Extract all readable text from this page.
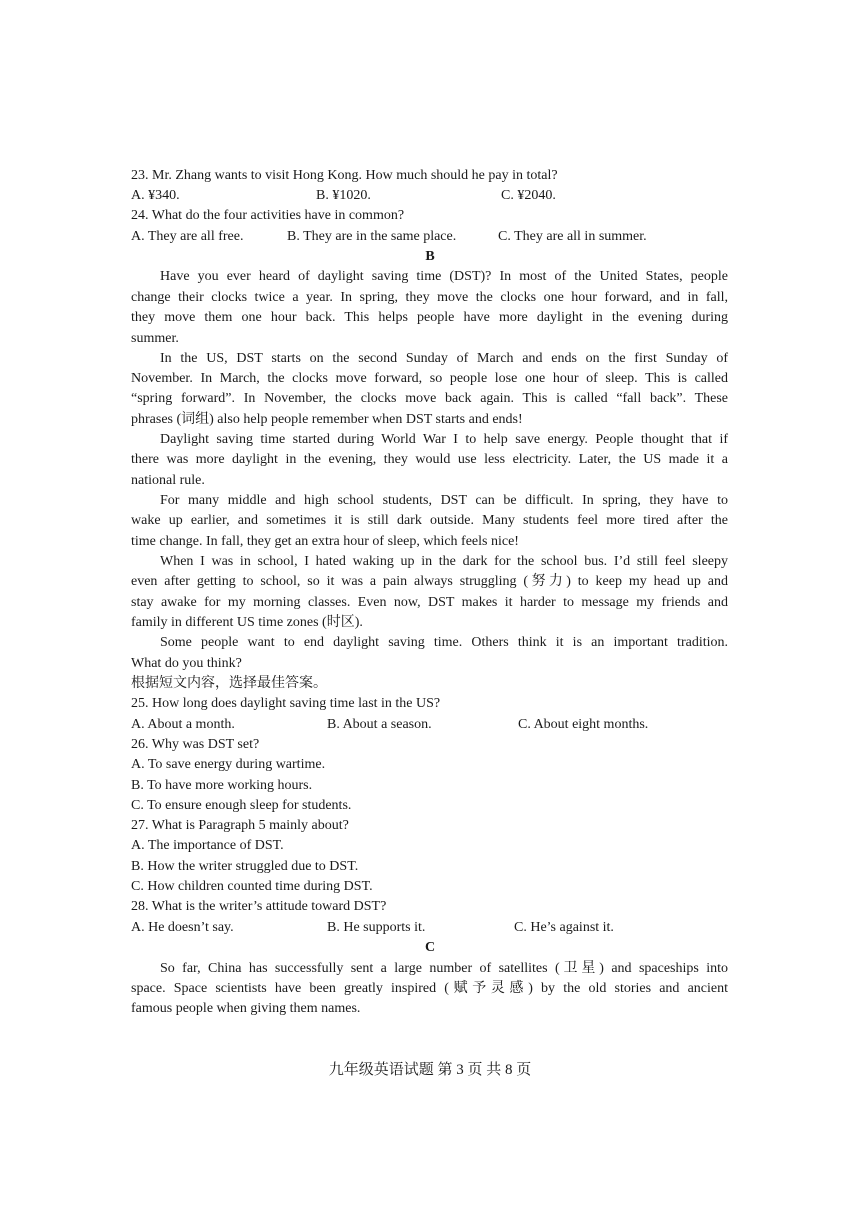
23. Mr. Zhang wants to visit Hong Kong. How much should he pay in total?
A. ¥340.	B. ¥1020.	C. ¥2040.
24. What do the four activities have in common?
A. They are all free.	B. They are in the same place.	C. They are all in summer.
B
Have you ever heard of daylight saving time (DST)? In most of the United States, people
change their clocks twice a year. In spring, they move the clocks one hour forward, and in fall,
they move them one hour back. This helps people have more daylight in the evening during
summer.
In the US, DST starts on the second Sunday of March and ends on the first Sunday of
November. In March, the clocks move forward, so people lose one hour of sleep. This is called
“spring forward”. In November, the clocks move back again. This is called “fall back”. These
phrases (词组) also help people remember when DST starts and ends!
Daylight saving time started during World War I to help save energy. People thought that if
there was more daylight in the evening, they would use less electricity. Later, the US made it a
national rule.
For many middle and high school students, DST can be difficult. In spring, they have to
wake up earlier, and sometimes it is still dark outside. Many students feel more tired after the
time change. In fall, they get an extra hour of sleep, which feels nice!
When I was in school, I hated waking up in the dark for the school bus. I’d still feel sleepy
even after getting to school, so it was a pain always struggling (努力) to keep my head up and
stay awake for my morning classes. Even now, DST makes it harder to message my friends and
family in different US time zones (时区).
Some people want to end daylight saving time. Others think it is an important tradition.
What do you think?
根据短文内容，选择最佳答案。
25. How long does daylight saving time last in the US?
A. About a month.	B. About a season.	C. About eight months.
26. Why was DST set?
A. To save energy during wartime.
B. To have more working hours.
C. To ensure enough sleep for students.
27. What is Paragraph 5 mainly about?
A. The importance of DST.
B. How the writer struggled due to DST.
C. How children counted time during DST.
28. What is the writer’s attitude toward DST?
A. He doesn’t say.	B. He supports it.	C. He’s against it.
C
So far, China has successfully sent a large number of satellites (卫星) and spaceships into
space. Space scientists have been greatly inspired (赋予灵感) by the old stories and ancient
famous people when giving them names.
九年级英语试题 第 3 页 共 8 页
